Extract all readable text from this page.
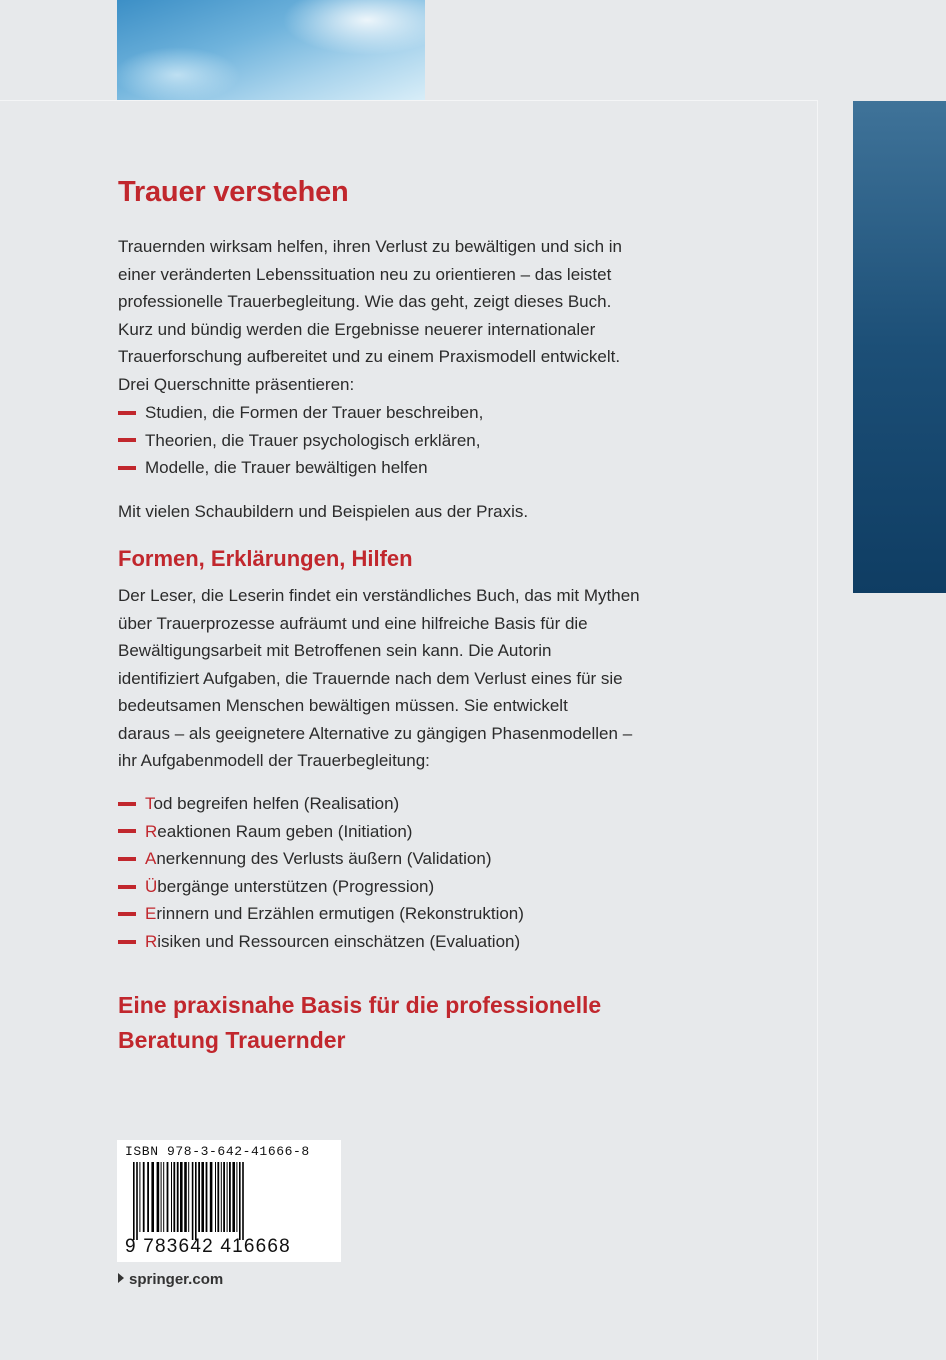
Trauer verstehen

Trauernden wirksam helfen, ihren Verlust zu bewältigen und sich in
einer veränderten Lebenssituation neu zu orientieren – das leistet
professionelle Trauerbegleitung. Wie das geht, zeigt dieses Buch.
Kurz und bündig werden die Ergebnisse neuerer internationaler
Trauerforschung aufbereitet und zu einem Praxismodell entwickelt.
Drei Querschnitte präsentieren:

Studien, die Formen der Trauer beschreiben,
Theorien, die Trauer psychologisch erklären,
Modelle, die Trauer bewältigen helfen

Mit vielen Schaubildern und Beispielen aus der Praxis.

Formen, Erklärungen, Hilfen

Der Leser, die Leserin findet ein verständliches Buch, das mit Mythen
über Trauerprozesse aufräumt und eine hilfreiche Basis für die
Bewältigungsarbeit mit Betroffenen sein kann. Die Autorin
identifiziert Aufgaben, die Trauernde nach dem Verlust eines für sie
bedeutsamen Menschen bewältigen müssen. Sie entwickelt
daraus – als geeignetere Alternative zu gängigen Phasenmodellen –
ihr Aufgabenmodell der Trauerbegleitung:

Tod begreifen helfen (Realisation)
Reaktionen Raum geben (Initiation)
Anerkennung des Verlusts äußern (Validation)
Übergänge unterstützen (Progression)
Erinnern und Erzählen ermutigen (Rekonstruktion)
Risiken und Ressourcen einschätzen (Evaluation)
Eine praxisnahe Basis für die professionelle
Beratung Trauernder

ISBN 978-3-642-41666-8

9 783642 416668

springer.com
